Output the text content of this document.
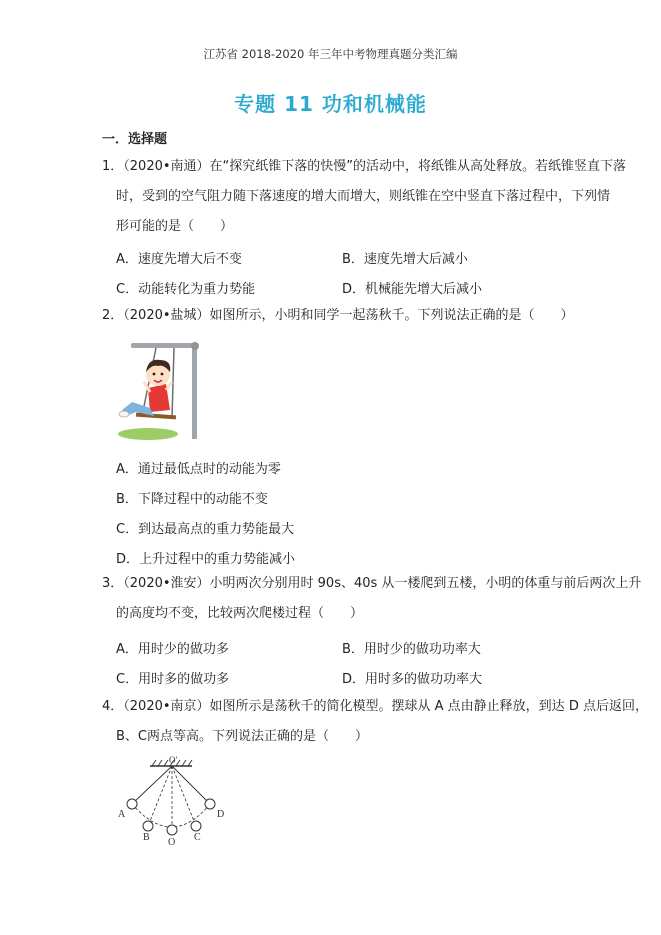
江苏省 2018-2020 年三年中考物理真题分类汇编
专题 11 功和机械能
一．选择题
1．（2020•南通）在“探究纸锥下落的快慢”的活动中，将纸锥从高处释放。若纸锥竖直下落
时，受到的空气阻力随下落速度的增大而增大，则纸锥在空中竖直下落过程中，下列情
形可能的是（　　）
A．速度先增大后不变	B．速度先增大后减小
C．动能转化为重力势能	D．机械能先增大后减小
2．（2020•盐城）如图所示，小明和同学一起荡秋千。下列说法正确的是（　　）
A．通过最低点时的动能为零
B．下降过程中的动能不变
C．到达最高点的重力势能最大
D．上升过程中的重力势能减小
3．（2020•淮安）小明两次分别用时 90s、40s 从一楼爬到五楼，小明的体重与前后两次上升
的高度均不变，比较两次爬楼过程（　　）
A．用时少的做功多	B．用时少的做功功率大
C．用时多的做功多	D．用时多的做功功率大
4．（2020•南京）如图所示是荡秋千的简化模型。摆球从 A 点由静止释放，到达 D 点后返回，
B、C两点等高。下列说法正确的是（　　）
O'
A
B O C
D
